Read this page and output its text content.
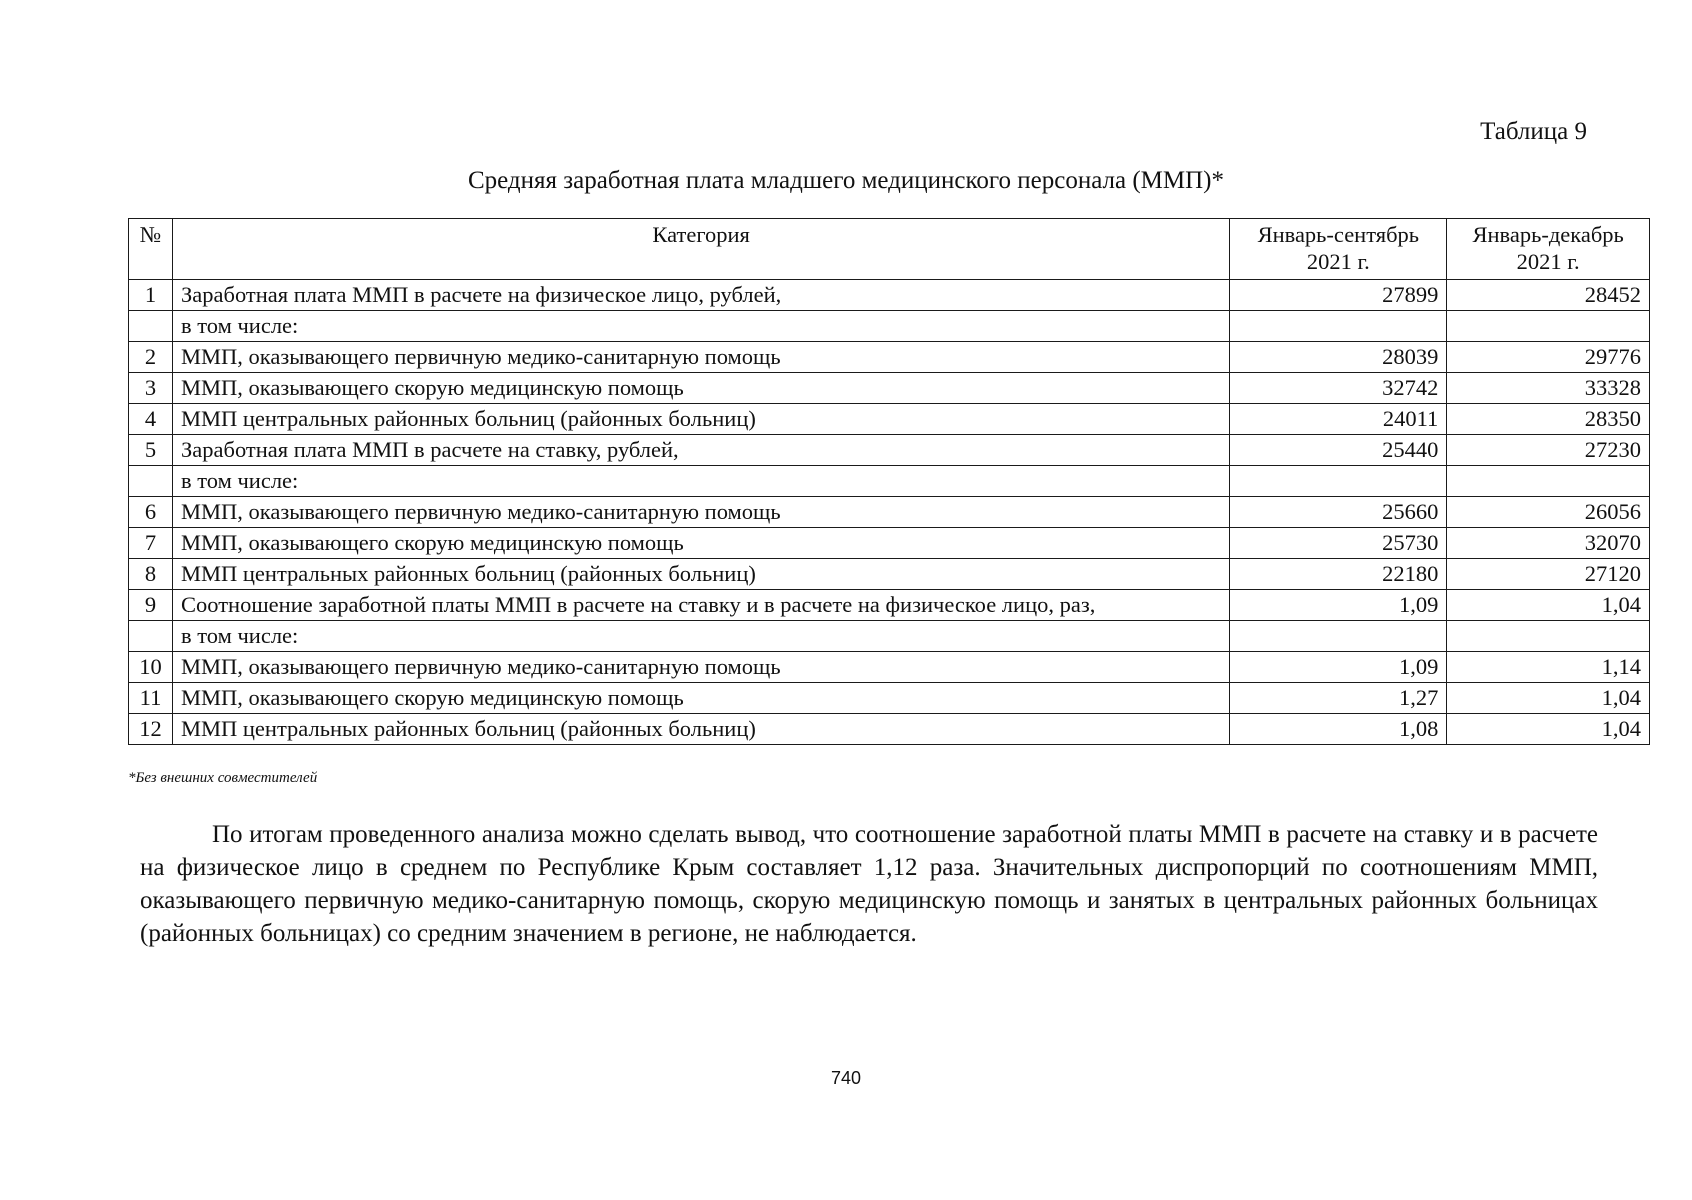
Таблица 9
Средняя заработная плата младшего медицинского персонала (ММП)*
№	Категория	Январь-сентябрь 2021 г.	Январь-декабрь 2021 г.
1	Заработная плата ММП в расчете на физическое лицо, рублей,	27899	28452
	в том числе:		
2	ММП, оказывающего первичную медико-санитарную помощь	28039	29776
3	ММП, оказывающего скорую медицинскую помощь	32742	33328
4	ММП центральных районных больниц (районных больниц)	24011	28350
5	Заработная плата ММП в расчете на ставку, рублей,	25440	27230
	в том числе:		
6	ММП, оказывающего первичную медико-санитарную помощь	25660	26056
7	ММП, оказывающего скорую медицинскую помощь	25730	32070
8	ММП центральных районных больниц (районных больниц)	22180	27120
9	Соотношение заработной платы ММП в расчете на ставку и в расчете на физическое лицо, раз,	1,09	1,04
	в том числе:		
10	ММП, оказывающего первичную медико-санитарную помощь	1,09	1,14
11	ММП, оказывающего скорую медицинскую помощь	1,27	1,04
12	ММП центральных районных больниц (районных больниц)	1,08	1,04
*Без внешних совместителей

По итогам проведенного анализа можно сделать вывод, что соотношение заработной платы ММП в расчете на ставку и в расчете на физическое лицо в среднем по Республике Крым составляет 1,12 раза. Значительных диспропорций по соотношениям ММП, оказывающего первичную медико-санитарную помощь, скорую медицинскую помощь и занятых в центральных районных больницах (районных больницах) со средним значением в регионе, не наблюдается.

740
